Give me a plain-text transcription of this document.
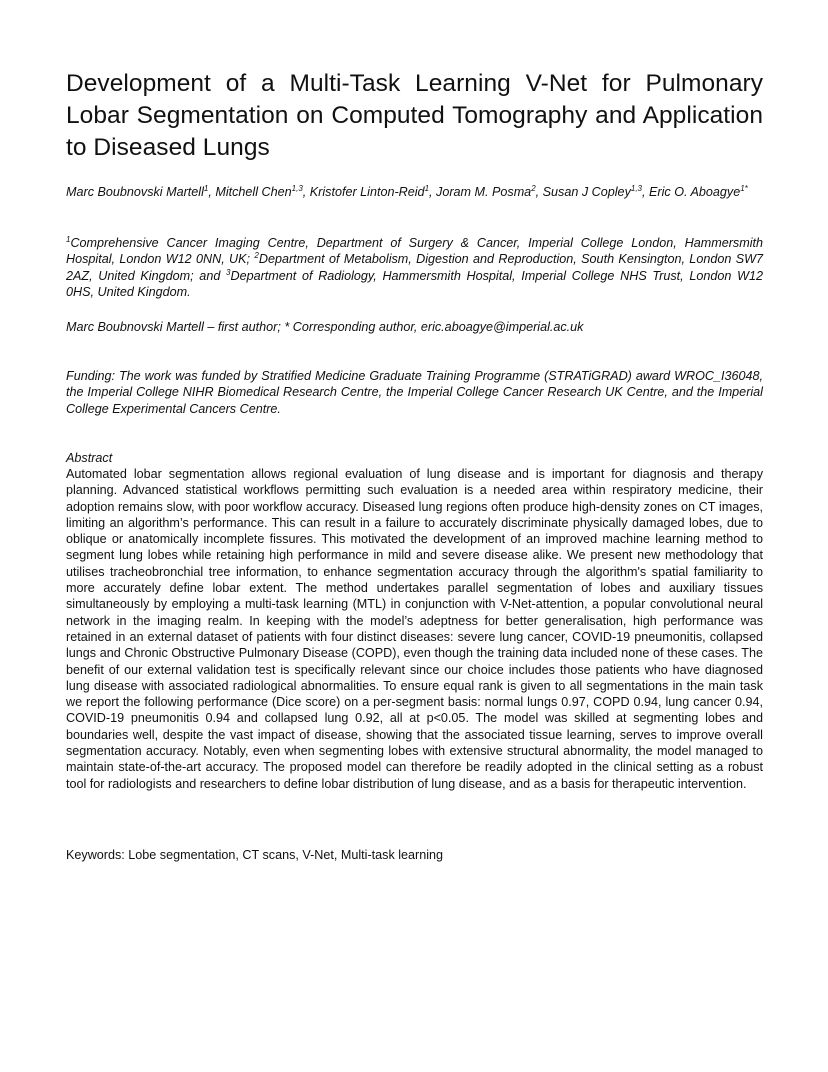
Development of a Multi-Task Learning V-Net for Pulmonary Lobar Segmentation on Computed Tomography and Application to Diseased Lungs
Marc Boubnovski Martell$^1$, Mitchell Chen$^{1,3}$, Kristofer Linton-Reid$^1$, Joram M. Posma$^2$, Susan J Copley$^{1,3}$, Eric O. Aboagye$^{1*}$
$^1$Comprehensive Cancer Imaging Centre, Department of Surgery & Cancer, Imperial College London, Hammersmith Hospital, London W12 0NN, UK; $^2$Department of Metabolism, Digestion and Reproduction, South Kensington, London SW7 2AZ, United Kingdom; and $^3$Department of Radiology, Hammersmith Hospital, Imperial College NHS Trust, London W12 0HS, United Kingdom.
Marc Boubnovski Martell – first author; * Corresponding author, eric.aboagye@imperial.ac.uk
Funding: The work was funded by Stratified Medicine Graduate Training Programme (STRATiGRAD) award WROC_I36048, the Imperial College NIHR Biomedical Research Centre, the Imperial College Cancer Research UK Centre, and the Imperial College Experimental Cancers Centre.
Abstract
Automated lobar segmentation allows regional evaluation of lung disease and is important for diagnosis and therapy planning. Advanced statistical workflows permitting such evaluation is a needed area within respiratory medicine, their adoption remains slow, with poor workflow accuracy. Diseased lung regions often produce high-density zones on CT images, limiting an algorithm’s performance. This can result in a failure to accurately discriminate physically damaged lobes, due to oblique or anatomically incomplete fissures. This motivated the development of an improved machine learning method to segment lung lobes while retaining high performance in mild and severe disease alike. We present new methodology that utilises tracheobronchial tree information, to enhance segmentation accuracy through the algorithm's spatial familiarity to more accurately define lobar extent. The method undertakes parallel segmentation of lobes and auxiliary tissues simultaneously by employing a multi-task learning (MTL) in conjunction with V-Net-attention, a popular convolutional neural network in the imaging realm. In keeping with the model’s adeptness for better generalisation, high performance was retained in an external dataset of patients with four distinct diseases: severe lung cancer, COVID-19 pneumonitis, collapsed lungs and Chronic Obstructive Pulmonary Disease (COPD), even though the training data included none of these cases. The benefit of our external validation test is specifically relevant since our choice includes those patients who have diagnosed lung disease with associated radiological abnormalities. To ensure equal rank is given to all segmentations in the main task we report the following performance (Dice score) on a per-segment basis: normal lungs 0.97, COPD 0.94, lung cancer 0.94, COVID-19 pneumonitis 0.94 and collapsed lung 0.92, all at p<0.05. The model was skilled at segmenting lobes and boundaries well, despite the vast impact of disease, showing that the associated tissue learning, serves to improve overall segmentation accuracy. Notably, even when segmenting lobes with extensive structural abnormality, the model managed to maintain state-of-the-art accuracy. The proposed model can therefore be readily adopted in the clinical setting as a robust tool for radiologists and researchers to define lobar distribution of lung disease, and as a basis for therapeutic intervention.
Keywords: Lobe segmentation, CT scans, V-Net, Multi-task learning
